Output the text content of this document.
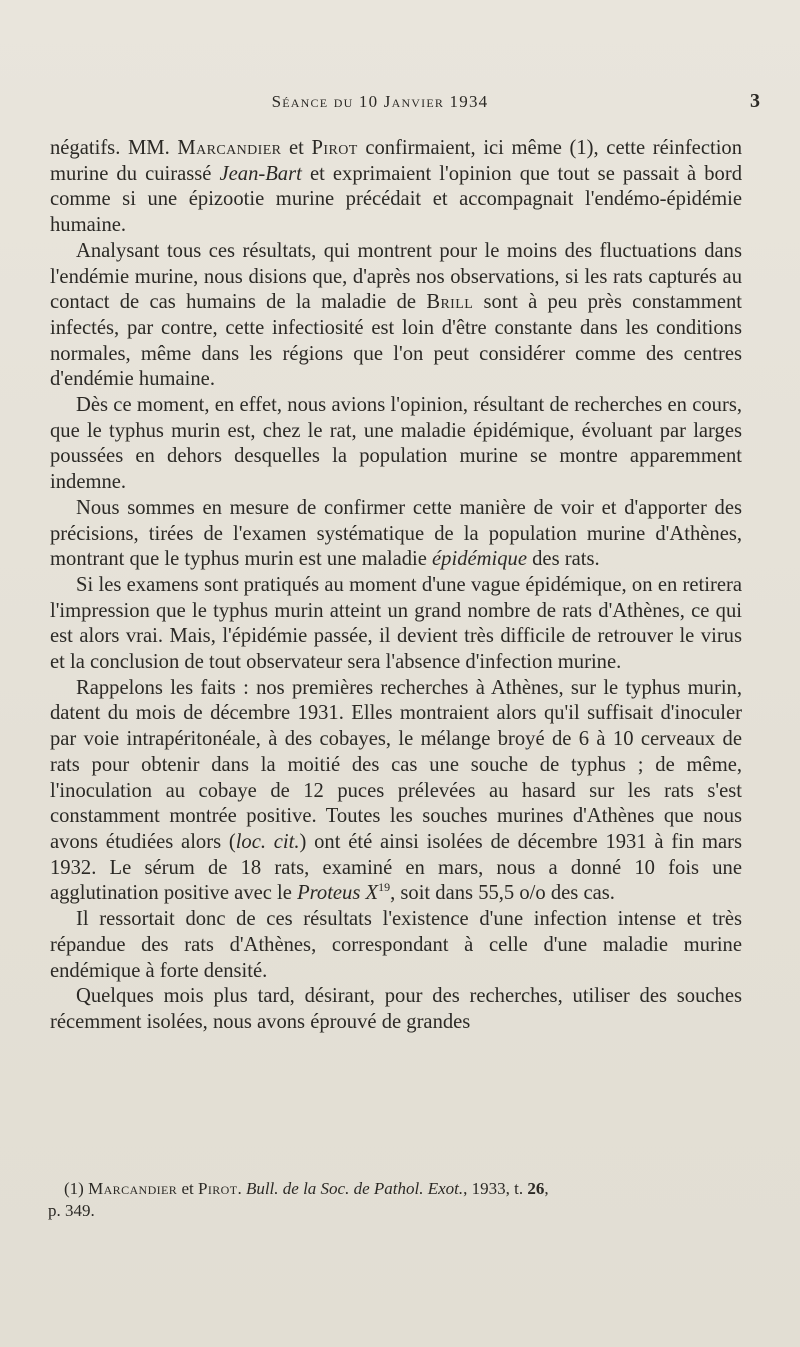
Séance du 10 Janvier 1934	3

négatifs. MM. Marcandier et Pirot confirmaient, ici même (1), cette réinfection murine du cuirassé Jean-Bart et exprimaient l'opinion que tout se passait à bord comme si une épizootie murine précédait et accompagnait l'endémo-épidémie humaine.

Analysant tous ces résultats, qui montrent pour le moins des fluctuations dans l'endémie murine, nous disions que, d'après nos observations, si les rats capturés au contact de cas humains de la maladie de Brill sont à peu près constamment infectés, par contre, cette infectiosité est loin d'être constante dans les conditions normales, même dans les régions que l'on peut considérer comme des centres d'endémie humaine.

Dès ce moment, en effet, nous avions l'opinion, résultant de recherches en cours, que le typhus murin est, chez le rat, une maladie épidémique, évoluant par larges poussées en dehors desquelles la population murine se montre apparemment indemne.

Nous sommes en mesure de confirmer cette manière de voir et d'apporter des précisions, tirées de l'examen systématique de la population murine d'Athènes, montrant que le typhus murin est une maladie épidémique des rats.

Si les examens sont pratiqués au moment d'une vague épidémique, on en retirera l'impression que le typhus murin atteint un grand nombre de rats d'Athènes, ce qui est alors vrai. Mais, l'épidémie passée, il devient très difficile de retrouver le virus et la conclusion de tout observateur sera l'absence d'infection murine.

Rappelons les faits : nos premières recherches à Athènes, sur le typhus murin, datent du mois de décembre 1931. Elles montraient alors qu'il suffisait d'inoculer par voie intrapéritonéale, à des cobayes, le mélange broyé de 6 à 10 cerveaux de rats pour obtenir dans la moitié des cas une souche de typhus ; de même, l'inoculation au cobaye de 12 puces prélevées au hasard sur les rats s'est constamment montrée positive. Toutes les souches murines d'Athènes que nous avons étudiées alors (loc. cit.) ont été ainsi isolées de décembre 1931 à fin mars 1932. Le sérum de 18 rats, examiné en mars, nous a donné 10 fois une agglutination positive avec le Proteus $X^{19}$, soit dans 55,5 o/o des cas.

Il ressortait donc de ces résultats l'existence d'une infection intense et très répandue des rats d'Athènes, correspondant à celle d'une maladie murine endémique à forte densité.

Quelques mois plus tard, désirant, pour des recherches, utiliser des souches récemment isolées, nous avons éprouvé de grandes

(1) Marcandier et Pirot. Bull. de la Soc. de Pathol. Exot., 1933, t. 26,
p. 349.
